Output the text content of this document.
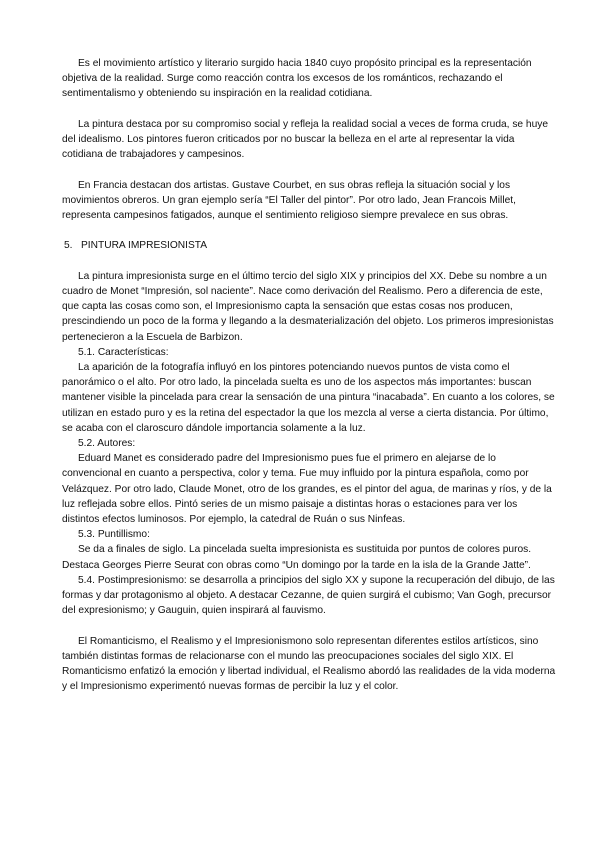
Es el movimiento artístico y literario surgido hacia 1840 cuyo propósito principal es la representación objetiva de la realidad. Surge como reacción contra los excesos de los románticos, rechazando el sentimentalismo y obteniendo su inspiración en la realidad cotidiana.

La pintura destaca por su compromiso social y refleja la realidad social a veces de forma cruda, se huye del idealismo. Los pintores fueron criticados por no buscar la belleza en el arte al representar la vida cotidiana de trabajadores y campesinos.

En Francia destacan dos artistas. Gustave Courbet, en sus obras refleja la situación social y los movimientos obreros. Un gran ejemplo sería “El Taller del pintor”. Por otro lado, Jean Francois Millet, representa campesinos fatigados, aunque el sentimiento religioso siempre prevalece en sus obras.

5. PINTURA IMPRESIONISTA

La pintura impresionista surge en el último tercio del siglo XIX y principios del XX. Debe su nombre a un cuadro de Monet “Impresión, sol naciente”. Nace como derivación del Realismo. Pero a diferencia de este, que capta las cosas como son, el Impresionismo capta la sensación que estas cosas nos producen, prescindiendo un poco de la forma y llegando a la desmaterialización del objeto. Los primeros impresionistas pertenecieron a la Escuela de Barbizon.

5.1. Características:

La aparición de la fotografía influyó en los pintores potenciando nuevos puntos de vista como el panorámico o el alto. Por otro lado, la pincelada suelta es uno de los aspectos más importantes: buscan mantener visible la pincelada para crear la sensación de una pintura “inacabada”. En cuanto a los colores, se utilizan en estado puro y es la retina del espectador la que los mezcla al verse a cierta distancia. Por último, se acaba con el claroscuro dándole importancia solamente a la luz.

5.2. Autores:

Eduard Manet es considerado padre del Impresionismo pues fue el primero en alejarse de lo convencional en cuanto a perspectiva, color y tema. Fue muy influido por la pintura española, como por Velázquez. Por otro lado, Claude Monet, otro de los grandes, es el pintor del agua, de marinas y ríos, y de la luz reflejada sobre ellos. Pintó series de un mismo paisaje a distintas horas o estaciones para ver los distintos efectos luminosos. Por ejemplo, la catedral de Ruán o sus Ninfeas.

5.3. Puntillismo:

Se da a finales de siglo. La pincelada suelta impresionista es sustituida por puntos de colores puros. Destaca Georges Pierre Seurat con obras como “Un domingo por la tarde en la isla de la Grande Jatte”.

5.4. Postimpresionismo: se desarrolla a principios del siglo XX y supone la recuperación del dibujo, de las formas y dar protagonismo al objeto. A destacar Cezanne, de quien surgirá el cubismo; Van Gogh, precursor del expresionismo; y Gauguin, quien inspirará al fauvismo.

El Romanticismo, el Realismo y el Impresionismono solo representan diferentes estilos artísticos, sino también distintas formas de relacionarse con el mundo las preocupaciones sociales del siglo XIX. El Romanticismo enfatizó la emoción y libertad individual, el Realismo abordó las realidades de la vida moderna y el Impresionismo experimentó nuevas formas de percibir la luz y el color.
